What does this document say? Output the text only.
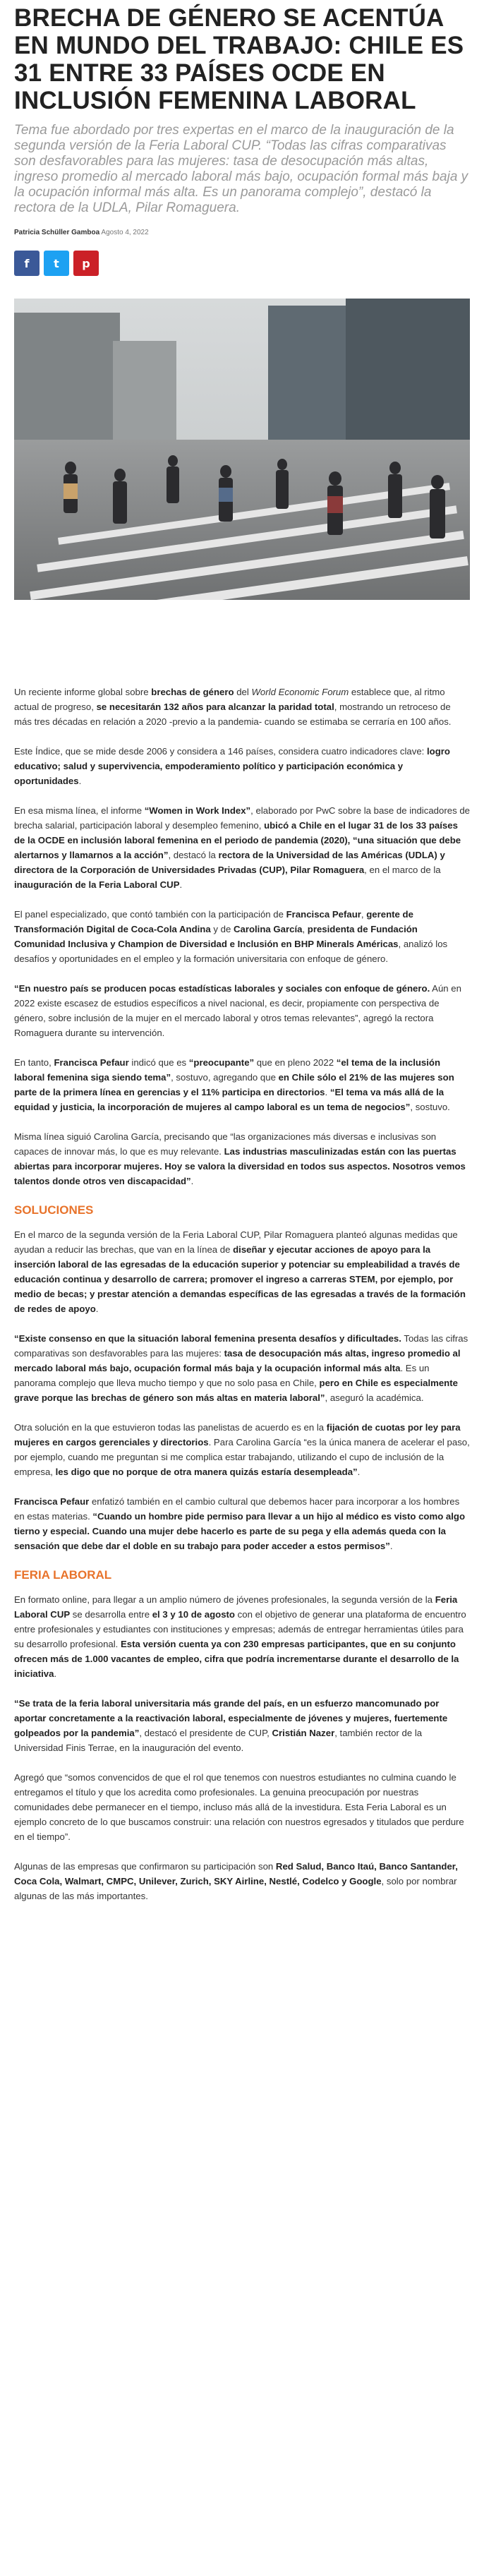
BRECHA DE GÉNERO SE ACENTÚA EN MUNDO DEL TRABAJO: CHILE ES 31 ENTRE 33 PAÍSES OCDE EN INCLUSIÓN FEMENINA LABORAL

Tema fue abordado por tres expertas en el marco de la inauguración de la segunda versión de la Feria Laboral CUP. “Todas las cifras comparativas son desfavorables para las mujeres: tasa de desocupación más altas, ingreso promedio al mercado laboral más bajo, ocupación formal más baja y la ocupación informal más alta. Es un panorama complejo”, destacó la rectora de la UDLA, Pilar Romaguera.

Patricia Schüller Gamboa Agosto 4, 2022
f t p

Un reciente informe global sobre brechas de género del World Economic Forum establece que, al ritmo actual de progreso, se necesitarán 132 años para alcanzar la paridad total, mostrando un retroceso de más tres décadas en relación a 2020 -previo a la pandemia- cuando se estimaba se cerraría en 100 años.

Este Índice, que se mide desde 2006 y considera a 146 países, considera cuatro indicadores clave: logro educativo; salud y supervivencia, empoderamiento político y participación económica y oportunidades.

En esa misma línea, el informe “Women in Work Index”, elaborado por PwC sobre la base de indicadores de brecha salarial, participación laboral y desempleo femenino, ubicó a Chile en el lugar 31 de los 33 países de la OCDE en inclusión laboral femenina en el periodo de pandemia (2020), “una situación que debe alertarnos y llamarnos a la acción”, destacó la rectora de la Universidad de las Américas (UDLA) y directora de la Corporación de Universidades Privadas (CUP), Pilar Romaguera, en el marco de la inauguración de la Feria Laboral CUP.

El panel especializado, que contó también con la participación de Francisca Pefaur, gerente de Transformación Digital de Coca-Cola Andina y de Carolina García, presidenta de Fundación Comunidad Inclusiva y Champion de Diversidad e Inclusión en BHP Minerals Américas, analizó los desafíos y oportunidades en el empleo y la formación universitaria con enfoque de género.

“En nuestro país se producen pocas estadísticas laborales y sociales con enfoque de género. Aún en 2022 existe escasez de estudios específicos a nivel nacional, es decir, propiamente con perspectiva de género, sobre inclusión de la mujer en el mercado laboral y otros temas relevantes”, agregó la rectora Romaguera durante su intervención.

En tanto, Francisca Pefaur indicó que es “preocupante” que en pleno 2022 “el tema de la inclusión laboral femenina siga siendo tema”, sostuvo, agregando que en Chile sólo el 21% de las mujeres son parte de la primera línea en gerencias y el 11% participa en directorios. “El tema va más allá de la equidad y justicia, la incorporación de mujeres al campo laboral es un tema de negocios”, sostuvo.

Misma línea siguió Carolina García, precisando que “las organizaciones más diversas e inclusivas son capaces de innovar más, lo que es muy relevante. Las industrias masculinizadas están con las puertas abiertas para incorporar mujeres. Hoy se valora la diversidad en todos sus aspectos. Nosotros vemos talentos donde otros ven discapacidad”.

SOLUCIONES

En el marco de la segunda versión de la Feria Laboral CUP, Pilar Romaguera planteó algunas medidas que ayudan a reducir las brechas, que van en la línea de diseñar y ejecutar acciones de apoyo para la inserción laboral de las egresadas de la educación superior y potenciar su empleabilidad a través de educación continua y desarrollo de carrera; promover el ingreso a carreras STEM, por ejemplo, por medio de becas; y prestar atención a demandas específicas de las egresadas a través de la formación de redes de apoyo.

“Existe consenso en que la situación laboral femenina presenta desafíos y dificultades. Todas las cifras comparativas son desfavorables para las mujeres: tasa de desocupación más altas, ingreso promedio al mercado laboral más bajo, ocupación formal más baja y la ocupación informal más alta. Es un panorama complejo que lleva mucho tiempo y que no solo pasa en Chile, pero en Chile es especialmente grave porque las brechas de género son más altas en materia laboral”, aseguró la académica.

Otra solución en la que estuvieron todas las panelistas de acuerdo es en la fijación de cuotas por ley para mujeres en cargos gerenciales y directorios. Para Carolina García “es la única manera de acelerar el paso, por ejemplo, cuando me preguntan si me complica estar trabajando, utilizando el cupo de inclusión de la empresa, les digo que no porque de otra manera quizás estaría desempleada”.

Francisca Pefaur enfatizó también en el cambio cultural que debemos hacer para incorporar a los hombres en estas materias. “Cuando un hombre pide permiso para llevar a un hijo al médico es visto como algo tierno y especial. Cuando una mujer debe hacerlo es parte de su pega y ella además queda con la sensación que debe dar el doble en su trabajo para poder acceder a estos permisos”.

FERIA LABORAL

En formato online, para llegar a un amplio número de jóvenes profesionales, la segunda versión de la Feria Laboral CUP se desarrolla entre el 3 y 10 de agosto con el objetivo de generar una plataforma de encuentro entre profesionales y estudiantes con instituciones y empresas; además de entregar herramientas útiles para su desarrollo profesional. Esta versión cuenta ya con 230 empresas participantes, que en su conjunto ofrecen más de 1.000 vacantes de empleo, cifra que podría incrementarse durante el desarrollo de la iniciativa.

“Se trata de la feria laboral universitaria más grande del país, en un esfuerzo mancomunado por aportar concretamente a la reactivación laboral, especialmente de jóvenes y mujeres, fuertemente golpeados por la pandemia”, destacó el presidente de CUP, Cristián Nazer, también rector de la Universidad Finis Terrae, en la inauguración del evento.

Agregó que “somos convencidos de que el rol que tenemos con nuestros estudiantes no culmina cuando le entregamos el título y que los acredita como profesionales. La genuina preocupación por nuestras comunidades debe permanecer en el tiempo, incluso más allá de la investidura. Esta Feria Laboral es un ejemplo concreto de lo que buscamos construir: una relación con nuestros egresados y titulados que perdure en el tiempo”.

Algunas de las empresas que confirmaron su participación son Red Salud, Banco Itaú, Banco Santander, Coca Cola, Walmart, CMPC, Unilever, Zurich, SKY Airline, Nestlé, Codelco y Google, solo por nombrar algunas de las más importantes.
